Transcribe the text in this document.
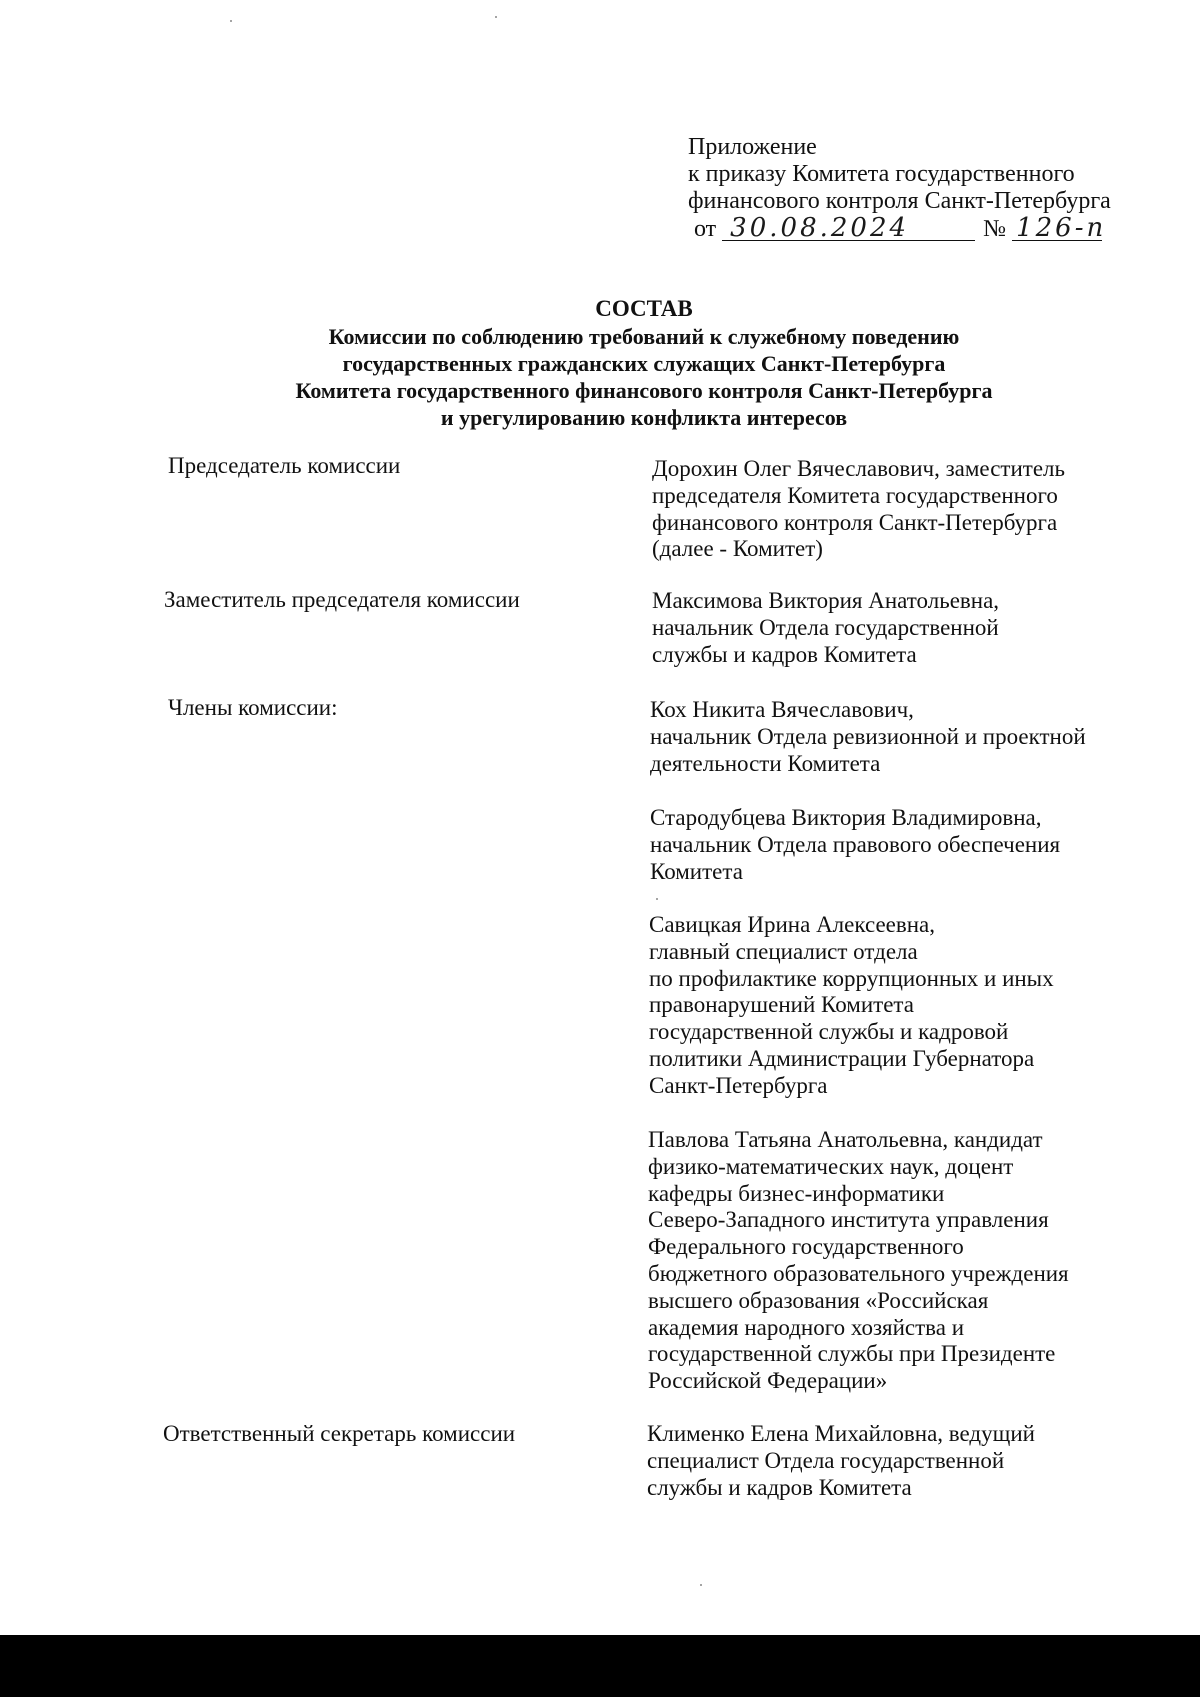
Приложение
к приказу Комитета государственного
финансового контроля Санкт-Петербурга
от 30.08.2024	№ 126-п
СОСТАВ
Комиссии по соблюдению требований к служебному поведению
государственных гражданских служащих Санкт-Петербурга
Комитета государственного финансового контроля Санкт-Петербурга
и урегулированию конфликта интересов
Председатель комиссии	Дорохин Олег Вячеславович, заместитель
председателя Комитета государственного
финансового контроля Санкт-Петербурга
(далее - Комитет)
Заместитель председателя комиссии	Максимова Виктория Анатольевна,
начальник Отдела государственной
службы и кадров Комитета
Члены комиссии:	Кох Никита Вячеславович,
начальник Отдела ревизионной и проектной
деятельности Комитета
Стародубцева Виктория Владимировна,
начальник Отдела правового обеспечения
Комитета
Савицкая Ирина Алексеевна,
главный специалист отдела
по профилактике коррупционных и иных
правонарушений Комитета
государственной службы и кадровой
политики Администрации Губернатора
Санкт-Петербурга
Павлова Татьяна Анатольевна, кандидат
физико-математических наук, доцент
кафедры бизнес-информатики
Северо-Западного института управления
Федерального государственного
бюджетного образовательного учреждения
высшего образования «Российская
академия народного хозяйства и
государственной службы при Президенте
Российской Федерации»
Ответственный секретарь комиссии	Клименко Елена Михайловна, ведущий
специалист Отдела государственной
службы и кадров Комитета
